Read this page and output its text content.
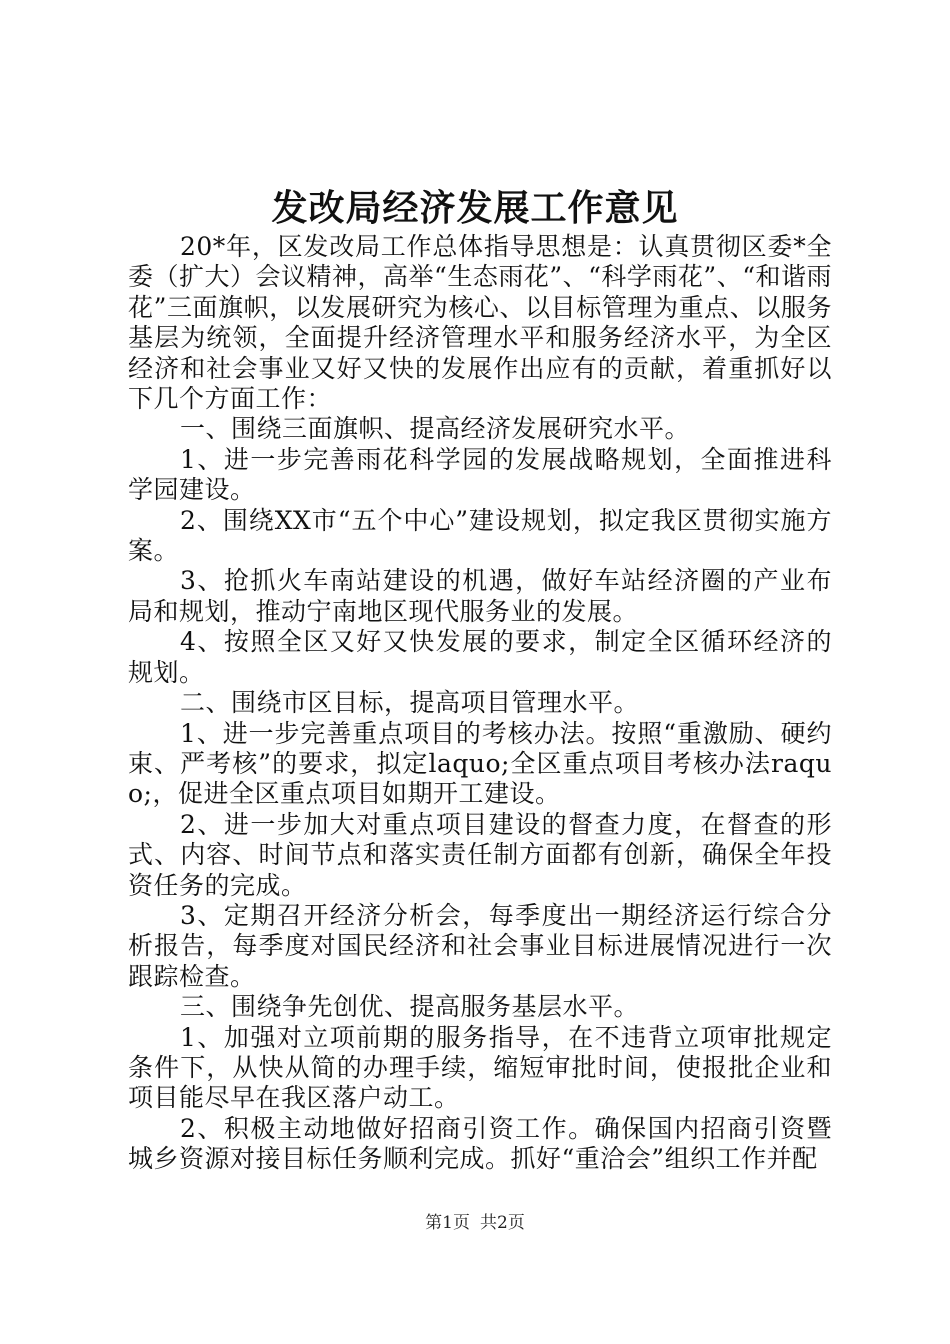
发改局经济发展工作意见

20*年，区发改局工作总体指导思想是：认真贯彻区委*全委（扩大）会议精神，高举“生态雨花”、“科学雨花”、“和谐雨花”三面旗帜，以发展研究为核心、以目标管理为重点、以服务基层为统领，全面提升经济管理水平和服务经济水平，为全区经济和社会事业又好又快的发展作出应有的贡献，着重抓好以下几个方面工作：

一、围绕三面旗帜、提高经济发展研究水平。

1、进一步完善雨花科学园的发展战略规划，全面推进科学园建设。

2、围绕XX市“五个中心”建设规划，拟定我区贯彻实施方案。

3、抢抓火车南站建设的机遇，做好车站经济圈的产业布局和规划，推动宁南地区现代服务业的发展。

4、按照全区又好又快发展的要求，制定全区循环经济的规划。

二、围绕市区目标，提高项目管理水平。

1、进一步完善重点项目的考核办法。按照“重激励、硬约束、严考核”的要求，拟定laquo;全区重点项目考核办法raquo;，促进全区重点项目如期开工建设。

2、进一步加大对重点项目建设的督查力度，在督查的形式、内容、时间节点和落实责任制方面都有创新，确保全年投资任务的完成。

3、定期召开经济分析会，每季度出一期经济运行综合分析报告，每季度对国民经济和社会事业目标进展情况进行一次跟踪检查。

三、围绕争先创优、提高服务基层水平。

1、加强对立项前期的服务指导，在不违背立项审批规定条件下，从快从简的办理手续，缩短审批时间，使报批企业和项目能尽早在我区落户动工。

2、积极主动地做好招商引资工作。确保国内招商引资暨城乡资源对接目标任务顺利完成。抓好“重洽会”组织工作并配

第1页 共2页
